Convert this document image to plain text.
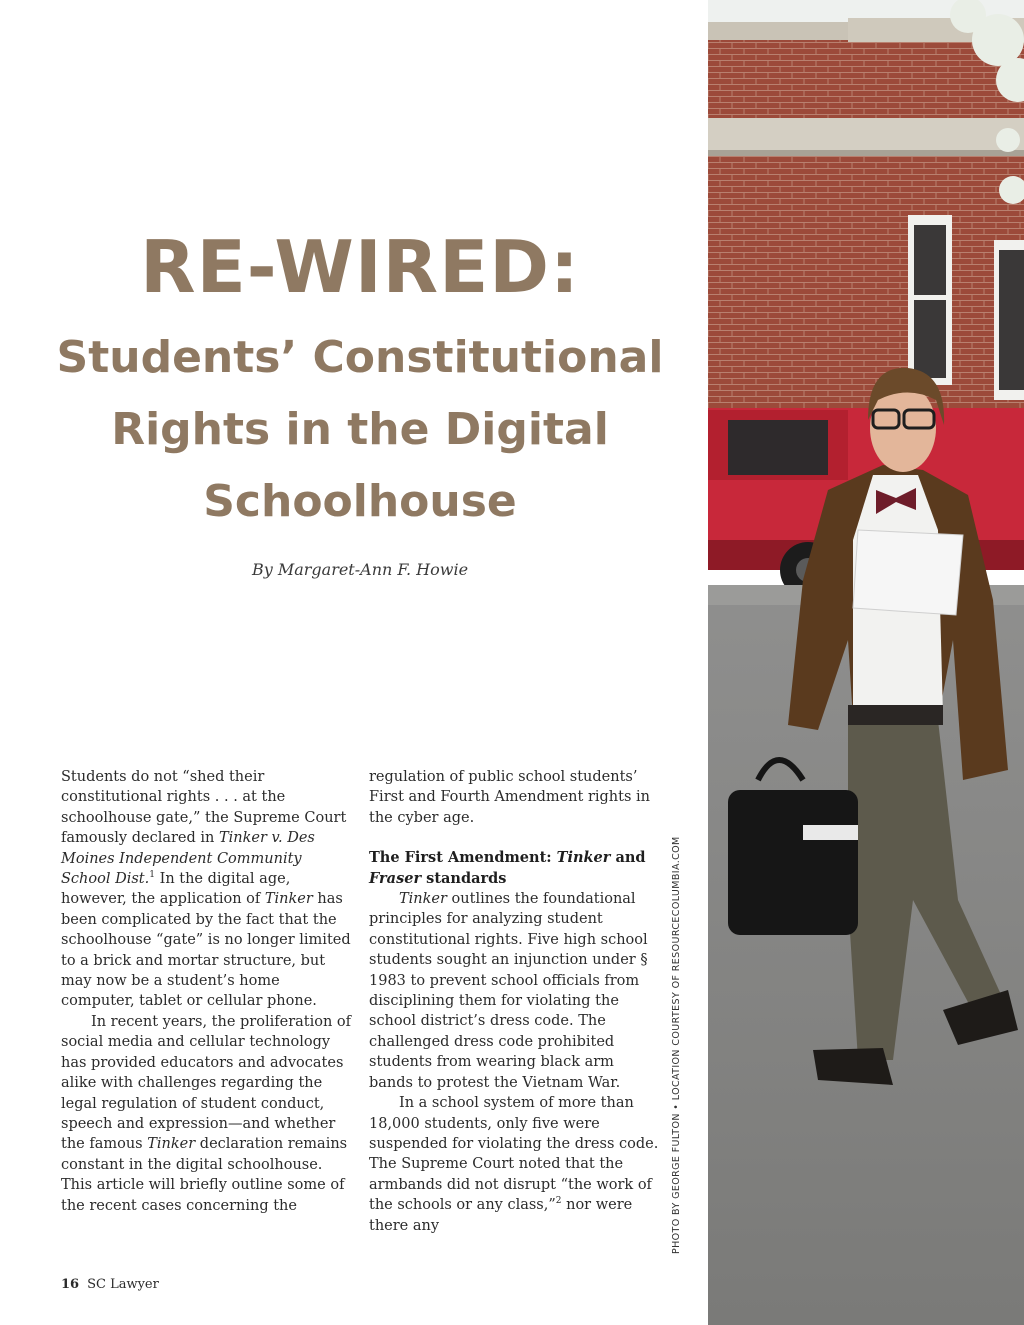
RE-WIRED:
Students’ Constitutional
Rights in the Digital
Schoolhouse
By Margaret-Ann F. Howie

Students do not “shed their constitutional rights . . . at the schoolhouse gate,” the Supreme Court famously declared in Tinker v. Des Moines Independent Community School Dist.$^1$ In the digital age, however, the application of Tinker has been complicated by the fact that the schoolhouse “gate” is no longer limited to a brick and mortar structure, but may now be a student’s home computer, tablet or cellular phone.

In recent years, the proliferation of social media and cellular technology has provided educators and advocates alike with challenges regarding the legal regulation of student conduct, speech and expression—and whether the famous Tinker declaration remains constant in the digital schoolhouse. This article will briefly outline some of the recent cases concerning the

regulation of public school students’ First and Fourth Amendment rights in the cyber age.

The First Amendment: Tinker and Fraser standards

Tinker outlines the foundational principles for analyzing student constitutional rights. Five high school students sought an injunction under § 1983 to prevent school officials from disciplining them for violating the school district’s dress code. The challenged dress code prohibited students from wearing black arm bands to protest the Vietnam War.

In a school system of more than 18,000 students, only five were suspended for violating the dress code. The Supreme Court noted that the armbands did not disrupt “the work of the schools or any class,”$^2$ nor were there any

16 SC Lawyer
PHOTO BY GEORGE FULTON • LOCATION COURTESY OF RESOURCECOLUMBIA.COM
